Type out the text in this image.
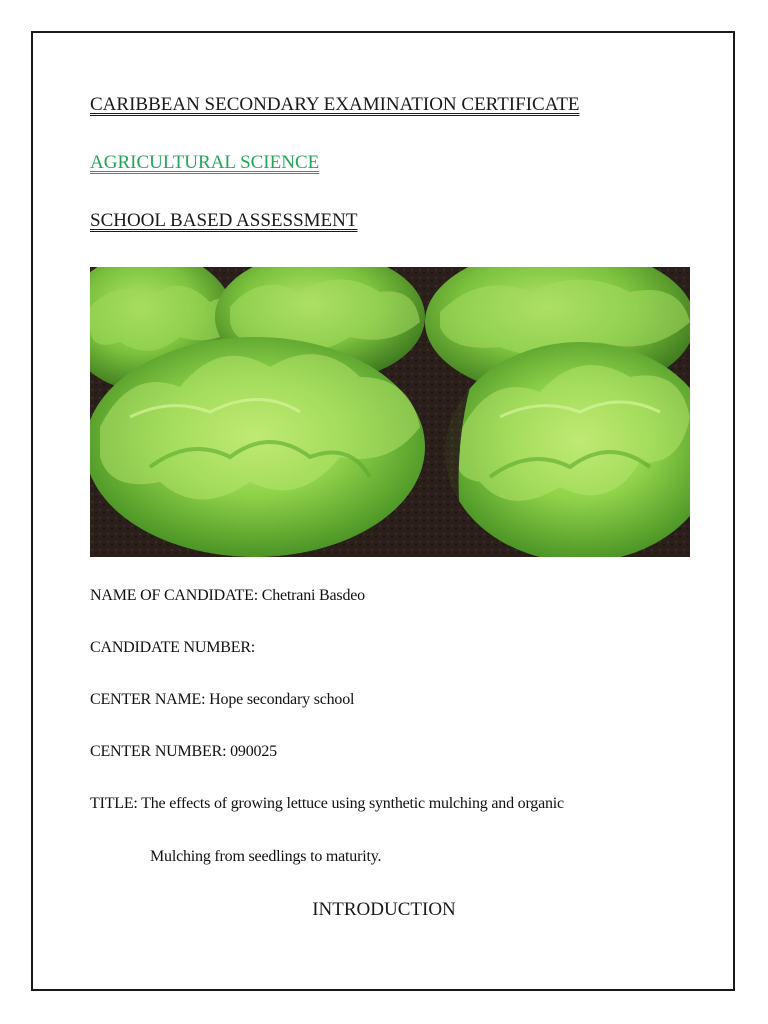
CARIBBEAN SECONDARY EXAMINATION CERTIFICATE
AGRICULTURAL SCIENCE
SCHOOL BASED ASSESSMENT
NAME OF CANDIDATE: Chetrani Basdeo
CANDIDATE NUMBER:
CENTER NAME: Hope secondary school
CENTER NUMBER: 090025
TITLE: The effects of growing lettuce using synthetic mulching and organic
Mulching from seedlings to maturity.
INTRODUCTION
